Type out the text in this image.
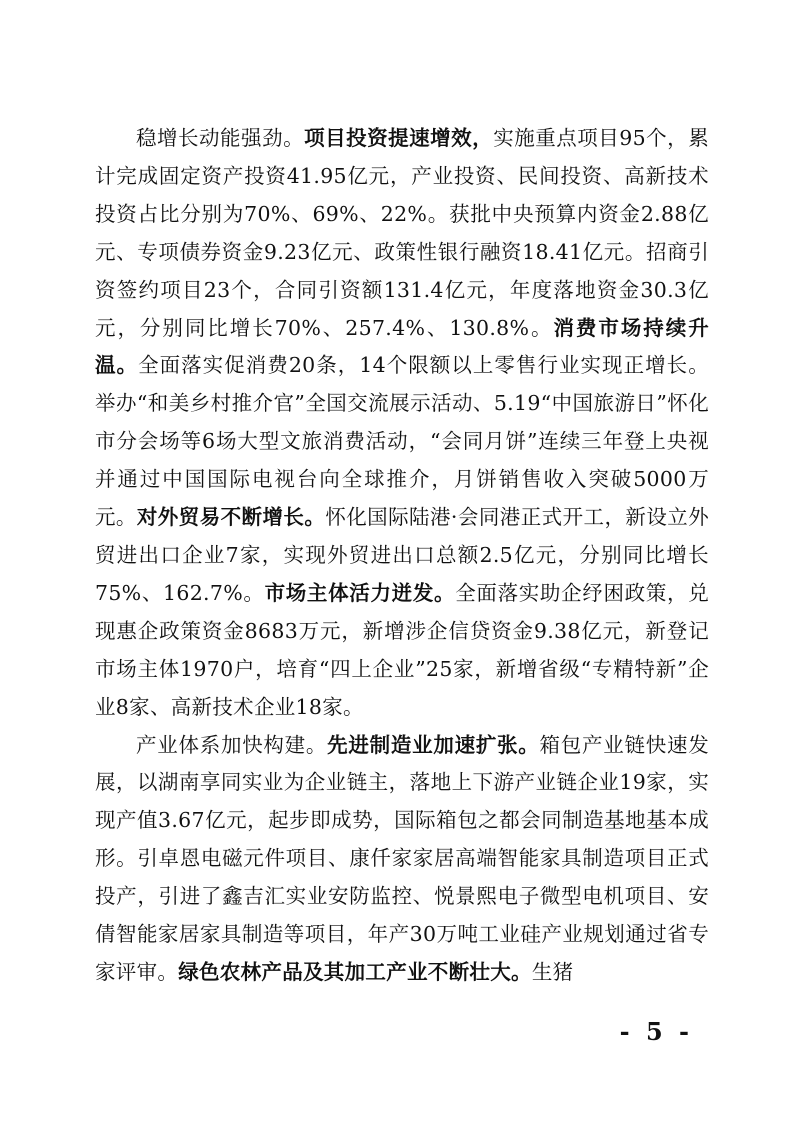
稳增长动能强劲。项目投资提速增效，实施重点项目95个，累计完成固定资产投资41.95亿元，产业投资、民间投资、高新技术投资占比分别为70%、69%、22%。获批中央预算内资金2.88亿元、专项债券资金9.23亿元、政策性银行融资18.41亿元。招商引资签约项目23个，合同引资额131.4亿元，年度落地资金30.3亿元，分别同比增长70%、257.4%、130.8%。消费市场持续升温。全面落实促消费20条，14个限额以上零售行业实现正增长。举办“和美乡村推介官”全国交流展示活动、5.19“中国旅游日”怀化市分会场等6场大型文旅消费活动，“会同月饼”连续三年登上央视并通过中国国际电视台向全球推介，月饼销售收入突破5000万元。对外贸易不断增长。怀化国际陆港·会同港正式开工，新设立外贸进出口企业7家，实现外贸进出口总额2.5亿元，分别同比增长75%、162.7%。市场主体活力迸发。全面落实助企纾困政策，兑现惠企政策资金8683万元，新增涉企信贷资金9.38亿元，新登记市场主体1970户，培育“四上企业”25家，新增省级“专精特新”企业8家、高新技术企业18家。

产业体系加快构建。先进制造业加速扩张。箱包产业链快速发展，以湖南享同实业为企业链主，落地上下游产业链企业19家，实现产值3.67亿元，起步即成势，国际箱包之都会同制造基地基本成形。引卓恩电磁元件项目、康仟家家居高端智能家具制造项目正式投产，引进了鑫吉汇实业安防监控、悦景熙电子微型电机项目、安倩智能家居家具制造等项目，年产30万吨工业硅产业规划通过省专家评审。绿色农林产品及其加工产业不断壮大。生猪

- 5 -
